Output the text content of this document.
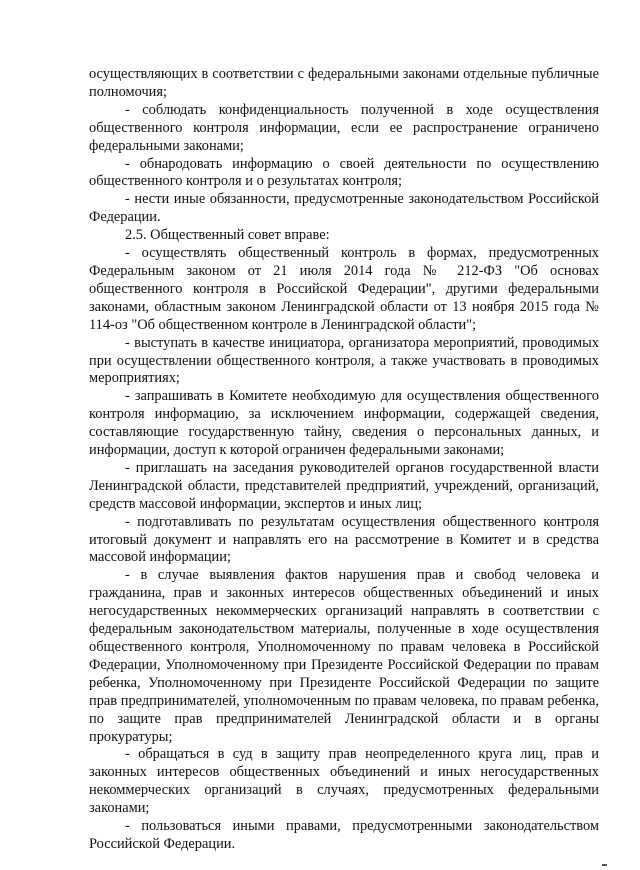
осуществляющих в соответствии с федеральными законами отдельные публичные полномочия;

- соблюдать конфиденциальность полученной в ходе осуществления общественного контроля информации, если ее распространение ограничено федеральными законами;

- обнародовать информацию о своей деятельности по осуществлению общественного контроля и о результатах контроля;

- нести иные обязанности, предусмотренные законодательством Российской Федерации.

2.5. Общественный совет вправе:

- осуществлять общественный контроль в формах, предусмотренных Федеральным законом от 21 июля 2014 года № 212-ФЗ "Об основах общественного контроля в Российской Федерации", другими федеральными законами, областным законом Ленинградской области от 13 ноября 2015 года № 114-оз "Об общественном контроле в Ленинградской области";

- выступать в качестве инициатора, организатора мероприятий, проводимых при осуществлении общественного контроля, а также участвовать в проводимых мероприятиях;

- запрашивать в Комитете необходимую для осуществления общественного контроля информацию, за исключением информации, содержащей сведения, составляющие государственную тайну, сведения о персональных данных, и информации, доступ к которой ограничен федеральными законами;

- приглашать на заседания руководителей органов государственной власти Ленинградской области, представителей предприятий, учреждений, организаций, средств массовой информации, экспертов и иных лиц;

- подготавливать по результатам осуществления общественного контроля итоговый документ и направлять его на рассмотрение в Комитет и в средства массовой информации;

- в случае выявления фактов нарушения прав и свобод человека и гражданина, прав и законных интересов общественных объединений и иных негосударственных некоммерческих организаций направлять в соответствии с федеральным законодательством материалы, полученные в ходе осуществления общественного контроля, Уполномоченному по правам человека в Российской Федерации, Уполномоченному при Президенте Российской Федерации по правам ребенка, Уполномоченному при Президенте Российской Федерации по защите прав предпринимателей, уполномоченным по правам человека, по правам ребенка, по защите прав предпринимателей Ленинградской области и в органы прокуратуры;

- обращаться в суд в защиту прав неопределенного круга лиц, прав и законных интересов общественных объединений и иных негосударственных некоммерческих организаций в случаях, предусмотренных федеральными законами;

- пользоваться иными правами, предусмотренными законодательством Российской Федерации.
